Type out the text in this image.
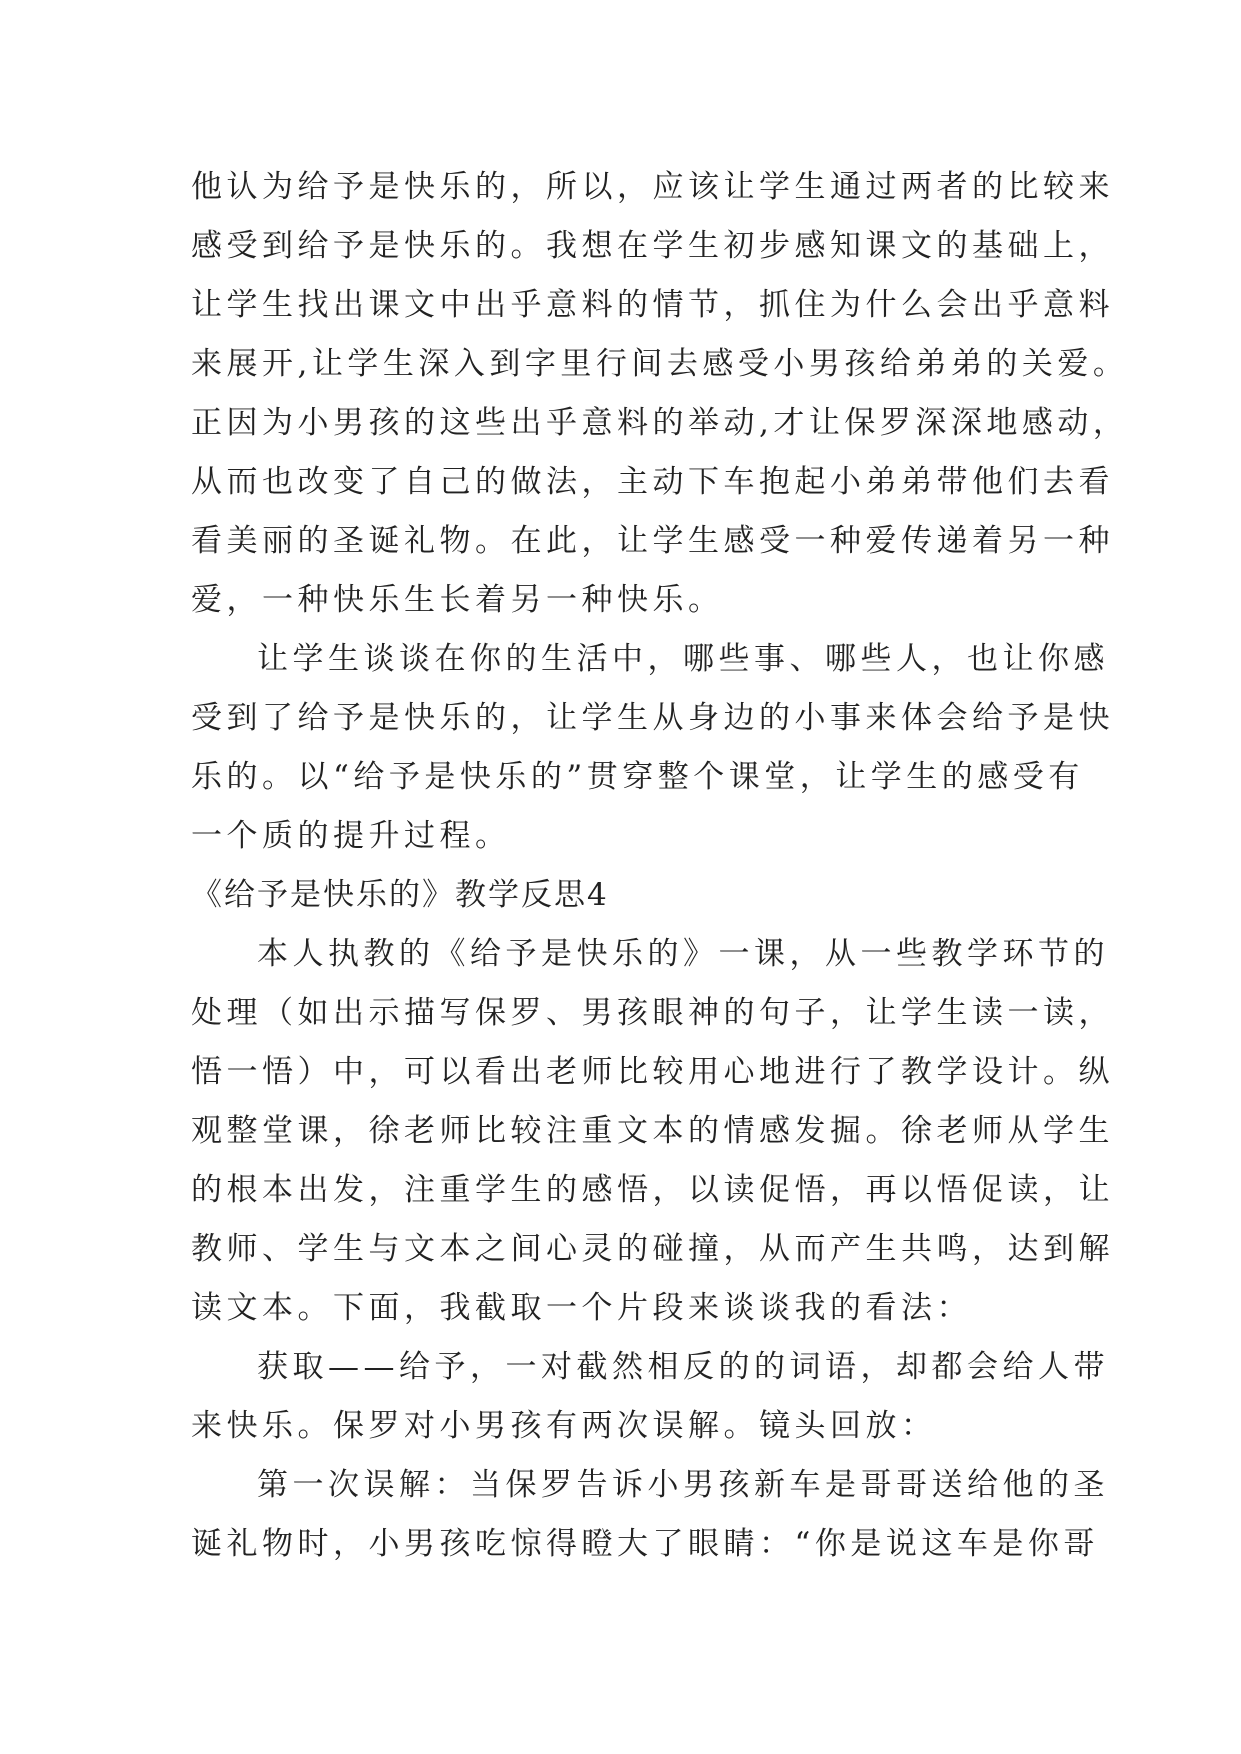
他认为给予是快乐的，所以，应该让学生通过两者的比较来
感受到给予是快乐的。我想在学生初步感知课文的基础上，
让学生找出课文中出乎意料的情节，抓住为什么会出乎意料
来展开,让学生深入到字里行间去感受小男孩给弟弟的关爱。
正因为小男孩的这些出乎意料的举动,才让保罗深深地感动，
从而也改变了自己的做法，主动下车抱起小弟弟带他们去看
看美丽的圣诞礼物。在此，让学生感受一种爱传递着另一种
爱，一种快乐生长着另一种快乐。
让学生谈谈在你的生活中，哪些事、哪些人，也让你感
受到了给予是快乐的，让学生从身边的小事来体会给予是快
乐的。以“给予是快乐的”贯穿整个课堂，让学生的感受有
一个质的提升过程。
《给予是快乐的》教学反思4
本人执教的《给予是快乐的》一课，从一些教学环节的
处理（如出示描写保罗、男孩眼神的句子，让学生读一读，
悟一悟）中，可以看出老师比较用心地进行了教学设计。纵
观整堂课，徐老师比较注重文本的情感发掘。徐老师从学生
的根本出发，注重学生的感悟，以读促悟，再以悟促读，让
教师、学生与文本之间心灵的碰撞，从而产生共鸣，达到解
读文本。下面，我截取一个片段来谈谈我的看法：
获取——给予，一对截然相反的的词语，却都会给人带
来快乐。保罗对小男孩有两次误解。镜头回放：
第一次误解：当保罗告诉小男孩新车是哥哥送给他的圣
诞礼物时，小男孩吃惊得瞪大了眼睛：“你是说这车是你哥
